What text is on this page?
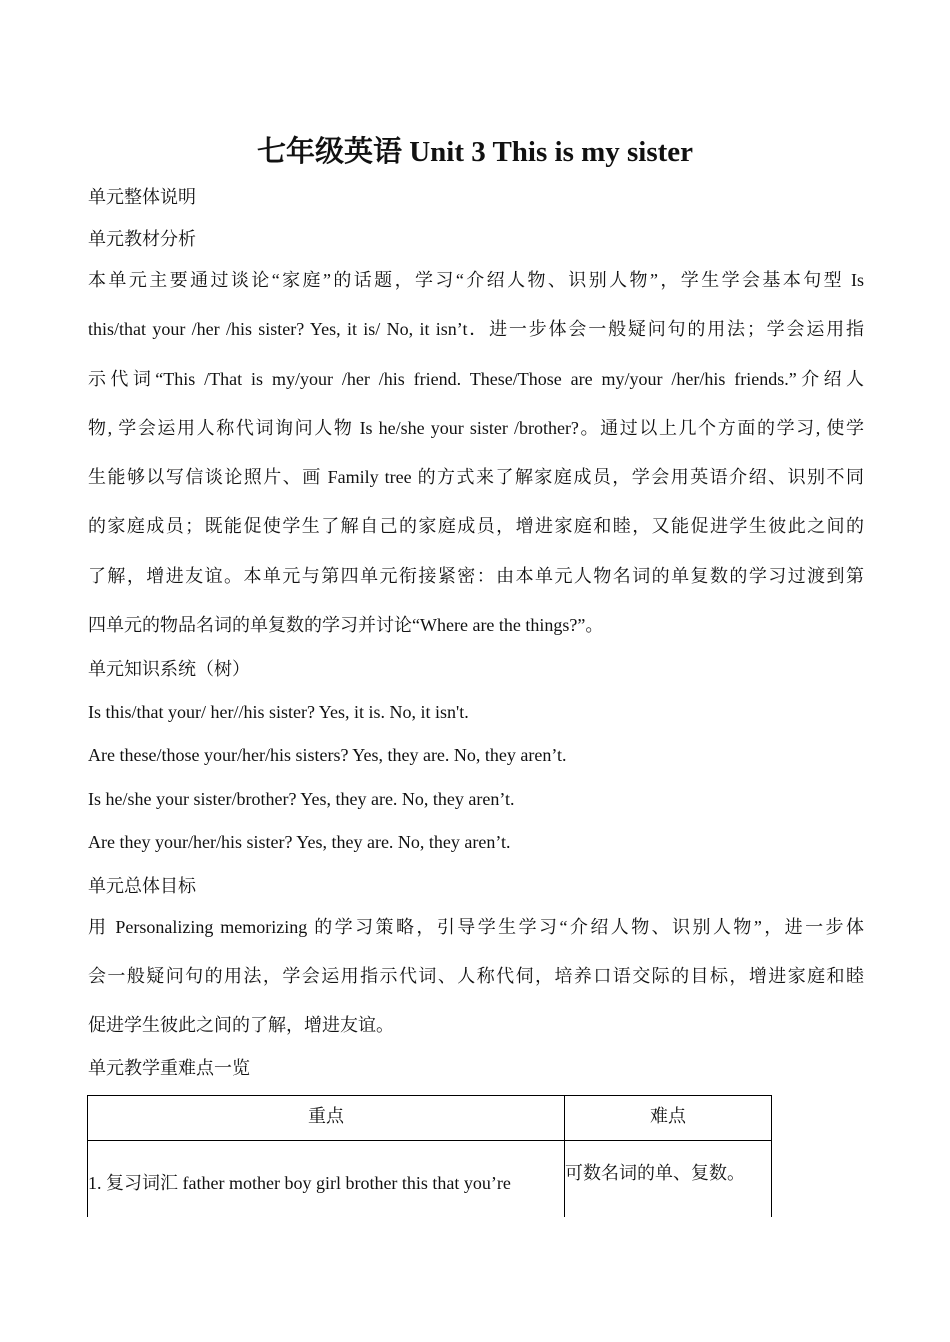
七年级英语 Unit 3 This is my sister
单元整体说明
单元教材分析
本单元主要通过谈论“家庭”的话题，学习“介绍人物、识别人物”，学生学会基本句型 Is
this/that your /her /his sister? Yes, it is/ No, it isn’t．进一步体会一般疑问句的用法；学会运用指
示代词“This /That is my/your /her /his friend. These/Those are my/your /her/his friends.”介绍人
物, 学会运用人称代词询问人物 Is he/she your sister /brother?。通过以上几个方面的学习, 使学
生能够以写信谈论照片、画 Family tree 的方式来了解家庭成员，学会用英语介绍、识别不同
的家庭成员；既能促使学生了解自己的家庭成员，增进家庭和睦，又能促进学生彼此之间的
了解，增进友谊。本单元与第四单元衔接紧密：由本单元人物名词的单复数的学习过渡到第
四单元的物品名词的单复数的学习并讨论“Where are the things?”。
单元知识系统（树）
Is this/that your/ her//his sister? Yes, it is. No, it isn't.
Are these/those your/her/his sisters? Yes, they are. No, they aren’t.
Is he/she your sister/brother? Yes, they are. No, they aren’t.
Are they your/her/his sister? Yes, they are. No, they aren’t.
单元总体目标
用 Personalizing memorizing 的学习策略，引导学生学习“介绍人物、识别人物”，进一步体
会一般疑问句的用法，学会运用指示代词、人称代伺，培养口语交际的目标，增进家庭和睦
促进学生彼此之间的了解，增进友谊。
单元教学重难点一览
重点	难点

1. 复习词汇 father mother boy girl brother this that you’re	可数名词的单、复数。
